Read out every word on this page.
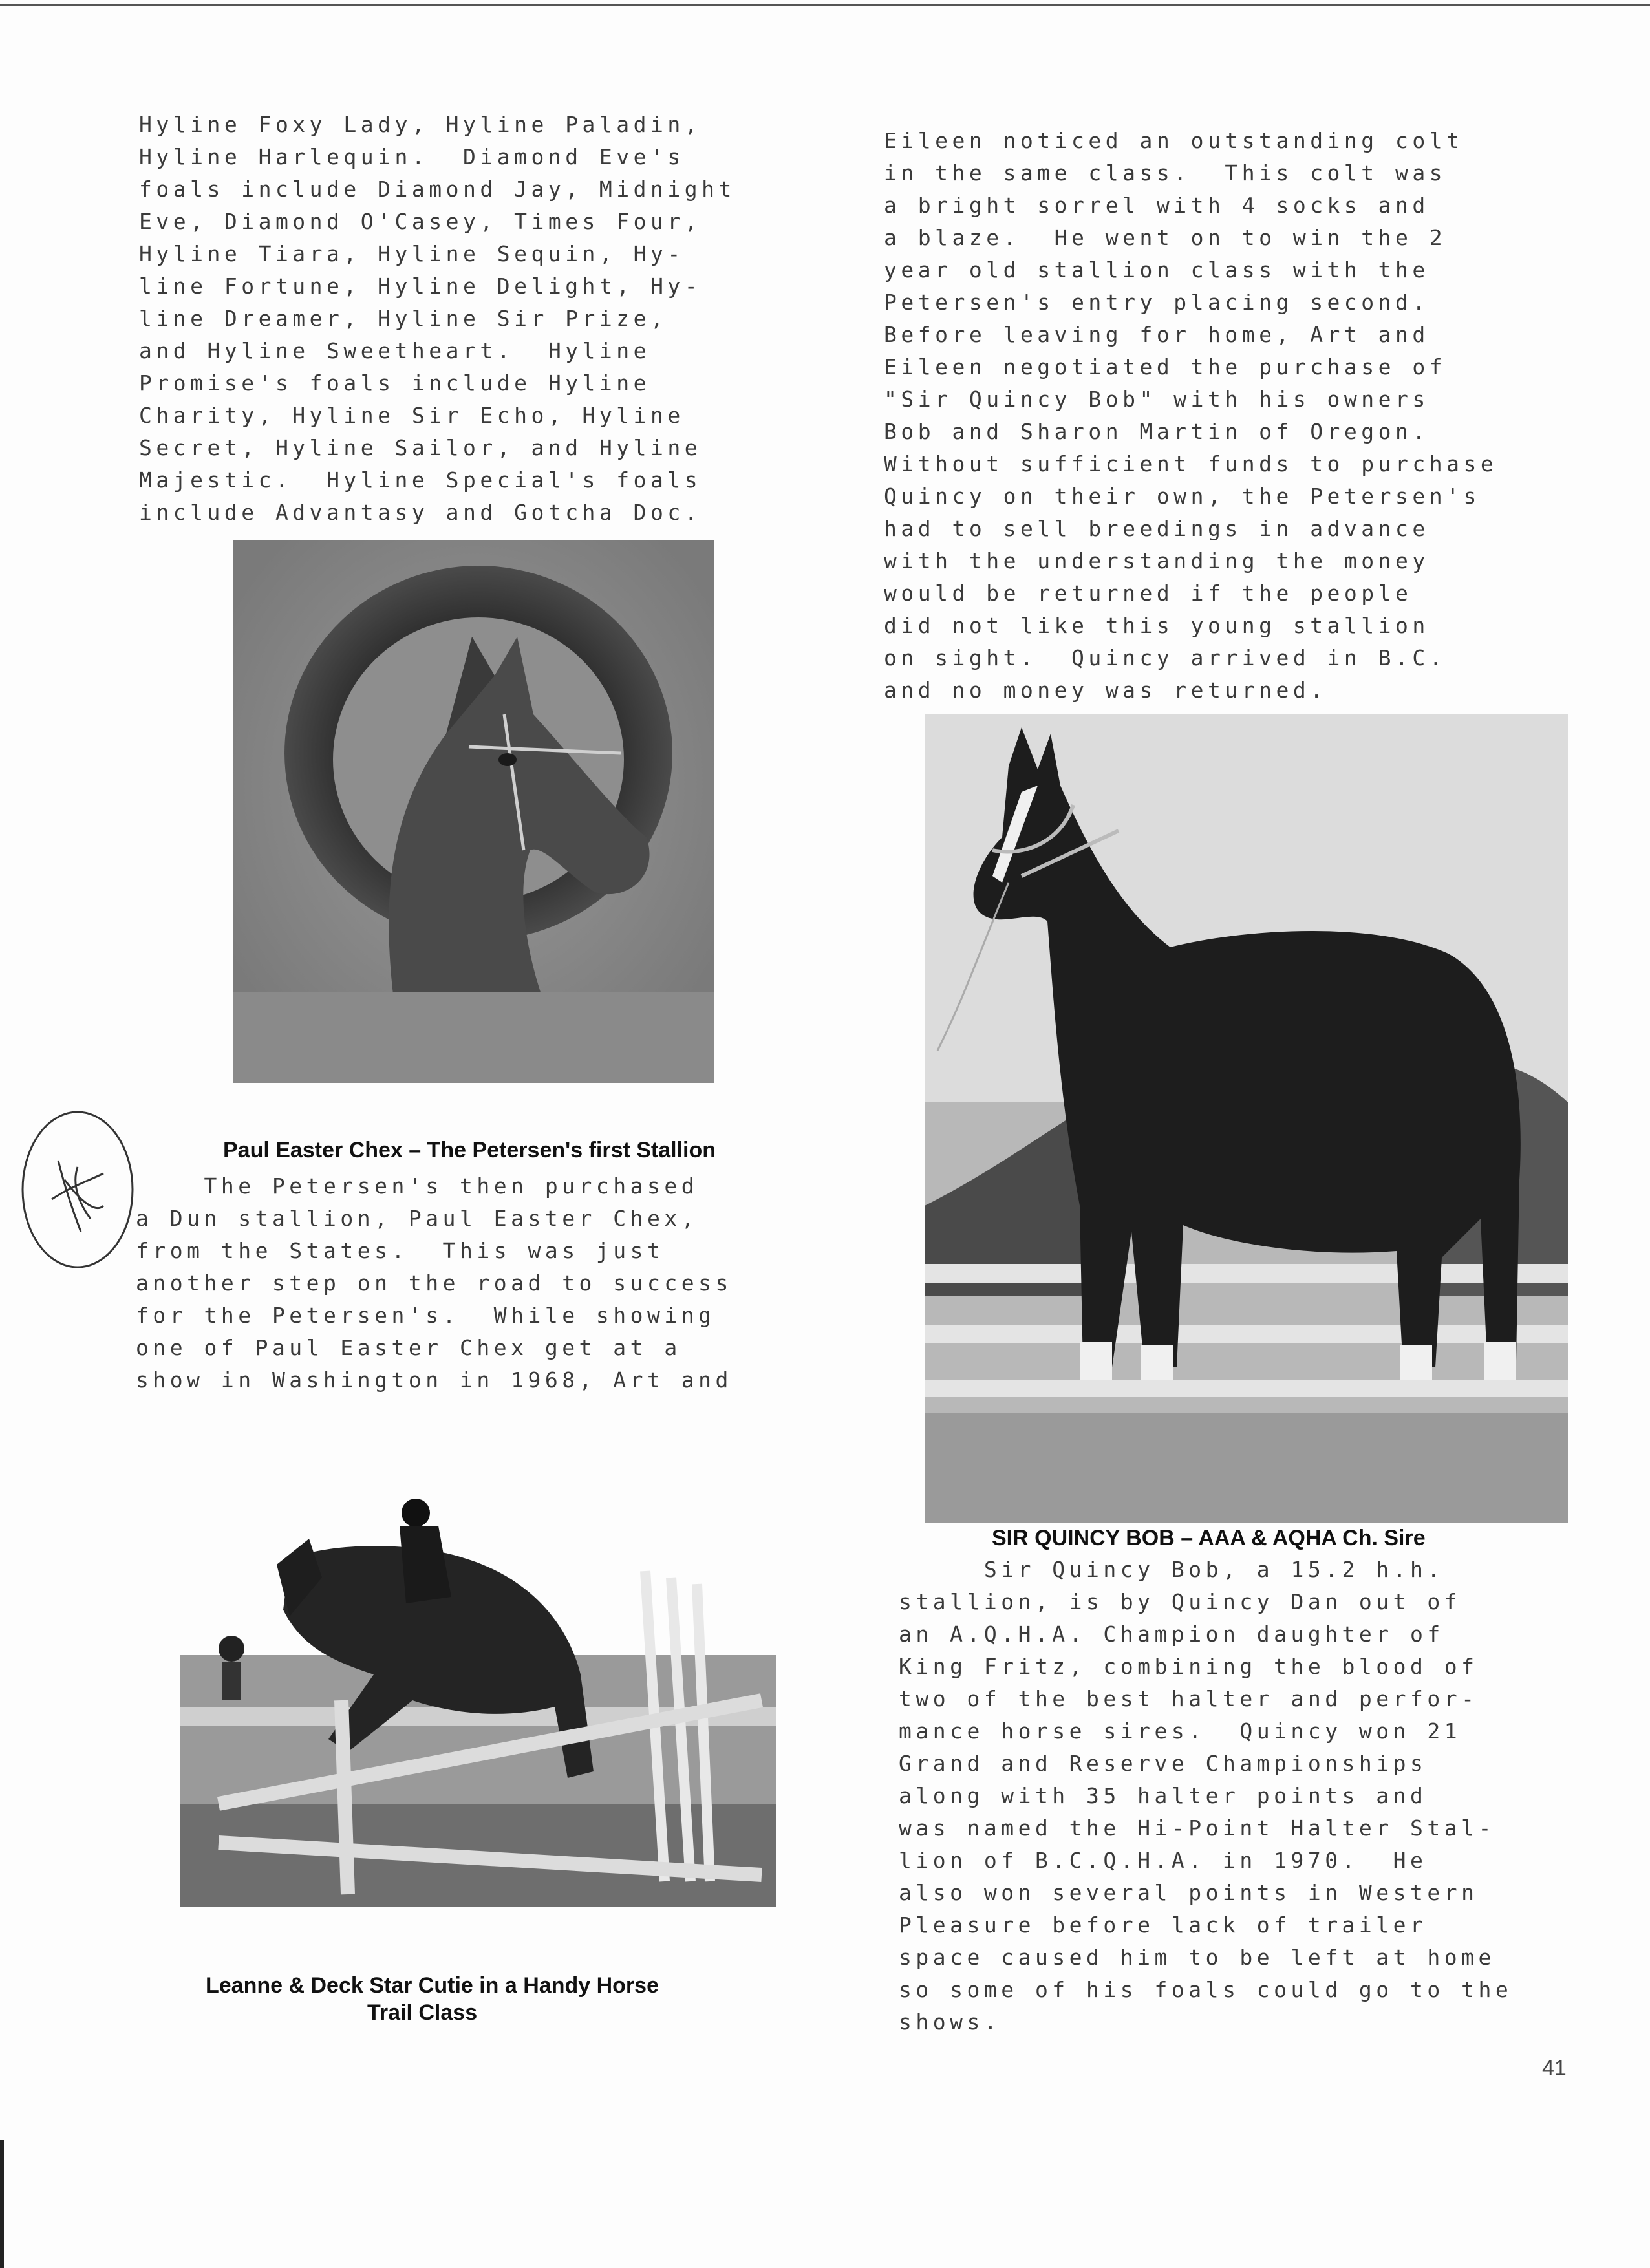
Hyline Foxy Lady, Hyline Paladin,
Hyline Harlequin.  Diamond Eve's
foals include Diamond Jay, Midnight
Eve, Diamond O'Casey, Times Four,
Hyline Tiara, Hyline Sequin, Hy-
line Fortune, Hyline Delight, Hy-
line Dreamer, Hyline Sir Prize,
and Hyline Sweetheart.  Hyline
Promise's foals include Hyline
Charity, Hyline Sir Echo, Hyline
Secret, Hyline Sailor, and Hyline
Majestic.  Hyline Special's foals
include Advantasy and Gotcha Doc.
Paul Easter Chex – The Petersen's first Stallion
The Petersen's then purchased
a Dun stallion, Paul Easter Chex,
from the States.  This was just
another step on the road to success
for the Petersen's.  While showing
one of Paul Easter Chex get at a
show in Washington in 1968, Art and
Leanne & Deck Star Cutie in a Handy Horse
Trail Class
Eileen noticed an outstanding colt
in the same class.  This colt was
a bright sorrel with 4 socks and
a blaze.  He went on to win the 2
year old stallion class with the
Petersen's entry placing second.
Before leaving for home, Art and
Eileen negotiated the purchase of
"Sir Quincy Bob" with his owners
Bob and Sharon Martin of Oregon.
Without sufficient funds to purchase
Quincy on their own, the Petersen's
had to sell breedings in advance
with the understanding the money
would be returned if the people
did not like this young stallion
on sight.  Quincy arrived in B.C.
and no money was returned.
SIR QUINCY BOB – AAA & AQHA Ch. Sire
Sir Quincy Bob, a 15.2 h.h.
stallion, is by Quincy Dan out of
an A.Q.H.A. Champion daughter of
King Fritz, combining the blood of
two of the best halter and perfor-
mance horse sires.  Quincy won 21
Grand and Reserve Championships
along with 35 halter points and
was named the Hi-Point Halter Stal-
lion of B.C.Q.H.A. in 1970.  He
also won several points in Western
Pleasure before lack of trailer
space caused him to be left at home
so some of his foals could go to the
shows.
41
